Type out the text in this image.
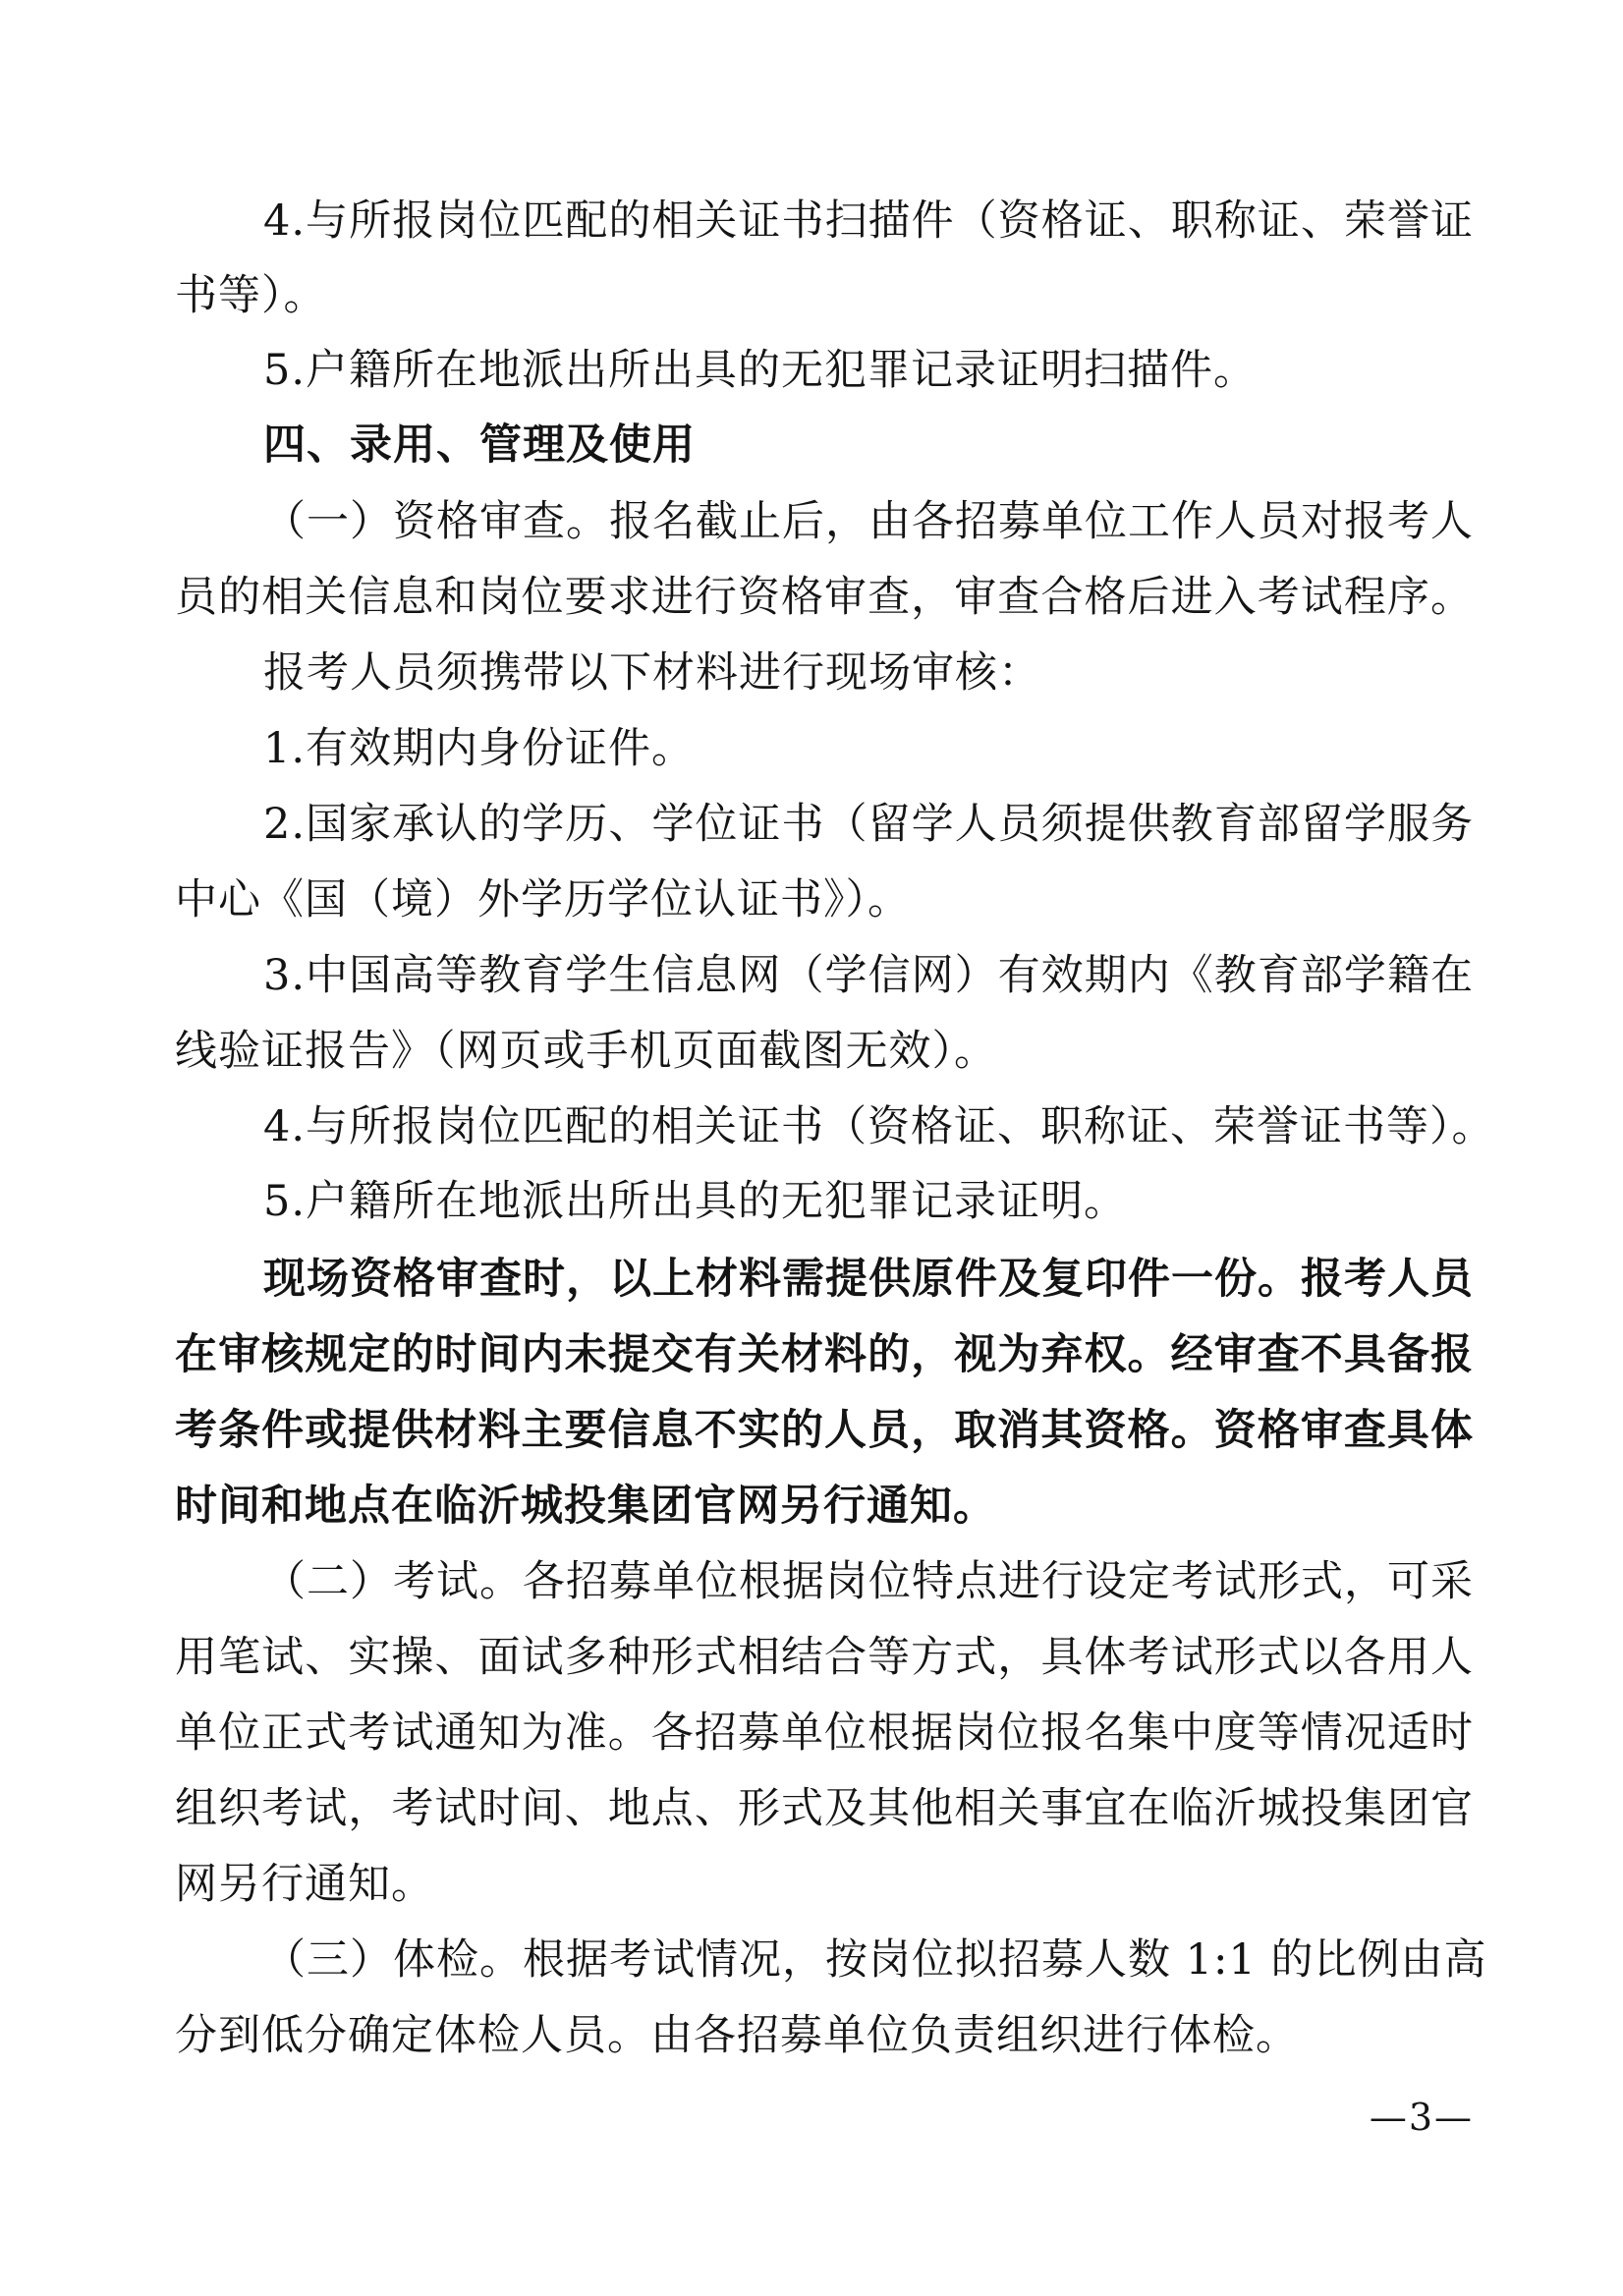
4.与所报岗位匹配的相关证书扫描件（资格证、职称证、荣誉证
书等）。
5.户籍所在地派出所出具的无犯罪记录证明扫描件。
四、录用、管理及使用
（一）资格审查。报名截止后，由各招募单位工作人员对报考人
员的相关信息和岗位要求进行资格审查，审查合格后进入考试程序。
报考人员须携带以下材料进行现场审核：
1.有效期内身份证件。
2.国家承认的学历、学位证书（留学人员须提供教育部留学服务
中心《国（境）外学历学位认证书》）。
3.中国高等教育学生信息网（学信网）有效期内《教育部学籍在
线验证报告》（网页或手机页面截图无效）。
4.与所报岗位匹配的相关证书（资格证、职称证、荣誉证书等）。
5.户籍所在地派出所出具的无犯罪记录证明。
现场资格审查时，以上材料需提供原件及复印件一份。报考人员
在审核规定的时间内未提交有关材料的，视为弃权。经审查不具备报
考条件或提供材料主要信息不实的人员，取消其资格。资格审查具体
时间和地点在临沂城投集团官网另行通知。
（二）考试。各招募单位根据岗位特点进行设定考试形式，可采
用笔试、实操、面试多种形式相结合等方式，具体考试形式以各用人
单位正式考试通知为准。各招募单位根据岗位报名集中度等情况适时
组织考试，考试时间、地点、形式及其他相关事宜在临沂城投集团官
网另行通知。
（三）体检。根据考试情况，按岗位拟招募人数 1:1 的比例由高
分到低分确定体检人员。由各招募单位负责组织进行体检。
—3—
